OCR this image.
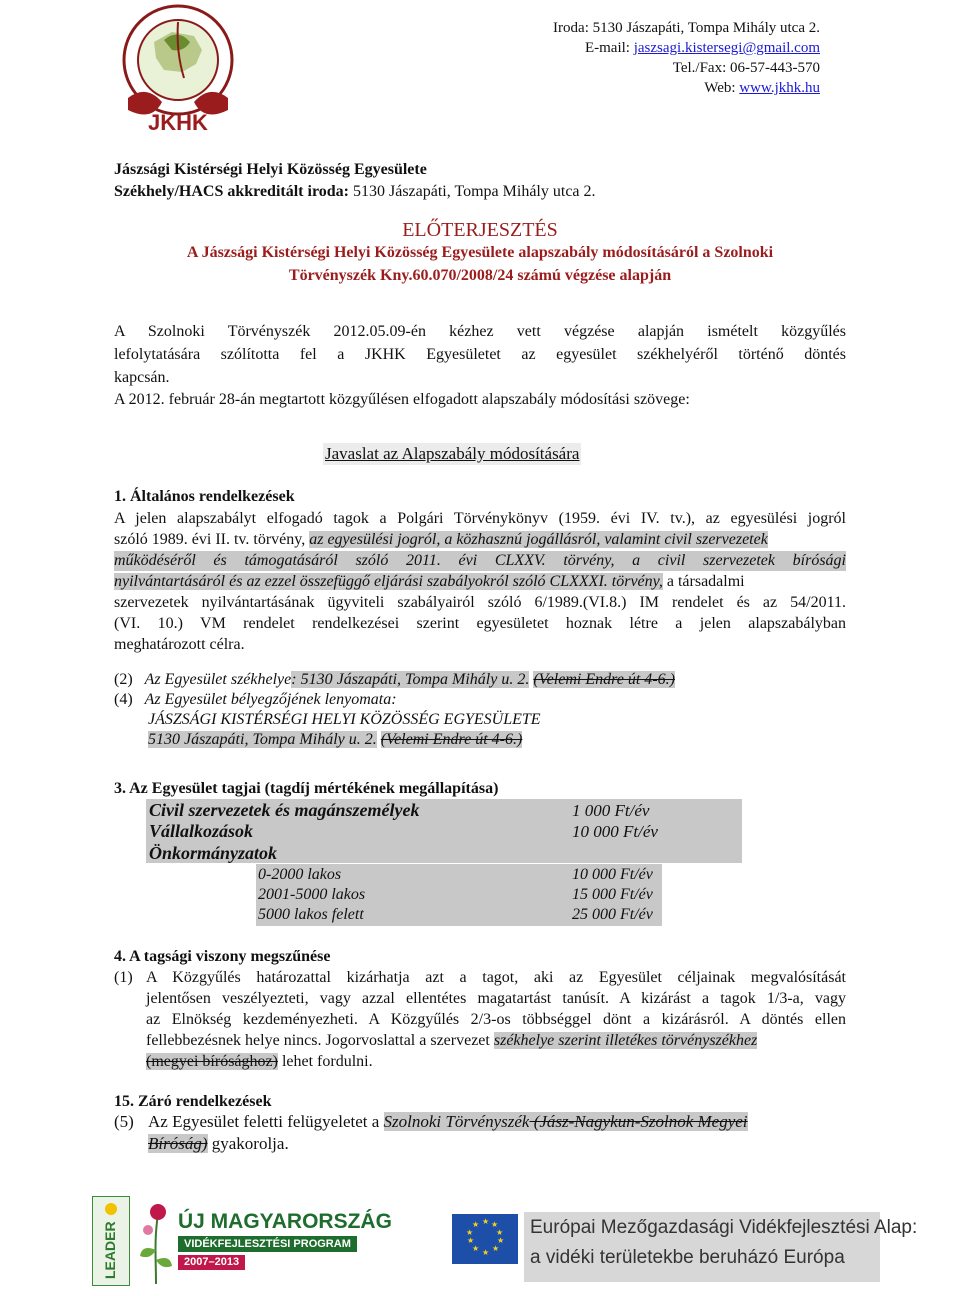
JKHK
Iroda: 5130 Jászapáti, Tompa Mihály utca 2.
E-mail: jaszsagi.kistersegi@gmail.com
Tel./Fax: 06-57-443-570
Web: www.jkhk.hu
Jászsági Kistérségi Helyi Közösség Egyesülete
Székhely/HACS akkreditált iroda: 5130 Jászapáti, Tompa Mihály utca 2.
ELŐTERJESZTÉS
A Jászsági Kistérségi Helyi Közösség Egyesülete alapszabály módosításáról a Szolnoki
Törvényszék Kny.60.070/2008/24 számú végzése alapján
A Szolnoki Törvényszék 2012.05.09-én kézhez vett végzése alapján ismételt közgyűlés
lefolytatására szólította fel a JKHK Egyesületet az egyesület székhelyéről történő döntés
kapcsán.
A 2012. február 28-án megtartott közgyűlésen elfogadott alapszabály módosítási szövege:
Javaslat az Alapszabály módosítására
1. Általános rendelkezések
A jelen alapszabályt elfogadó tagok a Polgári Törvénykönyv (1959. évi IV. tv.), az egyesülési jogról
szóló 1989. évi II. tv. törvény, az egyesülési jogról, a közhasznú jogállásról, valamint civil szervezetek
működéséről és támogatásáról szóló 2011. évi CLXXV. törvény, a civil szervezetek bírósági
nyilvántartásáról és az ezzel összefüggő eljárási szabályokról szóló CLXXXI. törvény, a társadalmi
szervezetek nyilvántartásának ügyviteli szabályairól szóló 6/1989.(VI.8.) IM rendelet és az 54/2011.
(VI. 10.) VM rendelet rendelkezései szerint egyesületet hoznak létre a jelen alapszabályban
meghatározott célra.
(2) Az Egyesület székhelye: 5130 Jászapáti, Tompa Mihály u. 2. (Velemi Endre út 4-6.)
(4) Az Egyesület bélyegzőjének lenyomata:
JÁSZSÁGI KISTÉRSÉGI HELYI KÖZÖSSÉG EGYESÜLETE
5130 Jászapáti, Tompa Mihály u. 2. (Velemi Endre út 4-6.)
3. Az Egyesület tagjai (tagdíj mértékének megállapítása)
Civil szervezetek és magánszemélyek	1 000 Ft/év
Vállalkozások	10 000 Ft/év
Önkormányzatok
0-2000 lakos	10 000 Ft/év
2001-5000 lakos	15 000 Ft/év
5000 lakos felett	25 000 Ft/év
4. A tagsági viszony megszűnése
(1) A Közgyűlés határozattal kizárhatja azt a tagot, aki az Egyesület céljainak megvalósítását
jelentősen veszélyezteti, vagy azzal ellentétes magatartást tanúsít. A kizárást a tagok 1/3-a, vagy
az Elnökség kezdeményezheti. A Közgyűlés 2/3-os többséggel dönt a kizárásról. A döntés ellen
fellebbezésnek helye nincs. Jogorvoslattal a szervezet székhelye szerint illetékes törvényszékhez
(megyei bírósághoz) lehet fordulni.
15. Záró rendelkezések
(5) Az Egyesület feletti felügyeletet a Szolnoki Törvényszék (Jász-Nagykun-Szolnok Megyei
Bíróság) gyakorolja.
LEADER	ÚJ MAGYARORSZÁG
VIDÉKFEJLESZTÉSI PROGRAM 2007–2013
★ ★
★
★
★
★
★
★
★
★	Európai Mezőgazdasági Vidékfejlesztési Alap:
a vidéki területekbe beruházó Európa
